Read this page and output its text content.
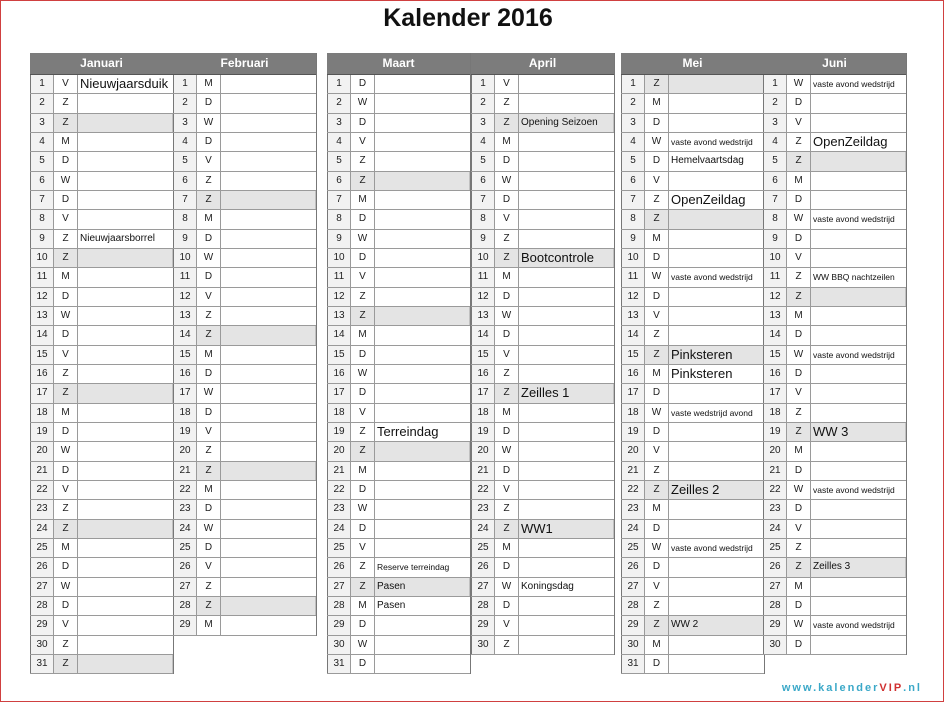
Kalender 2016
Januari
1	V Nieuwjaarsduik
2	Z
3	Z
4	M
5	D
6	W
7	D
8	V
9	Z	Nieuwjaarsborrel
10	Z
11	M
12	D
13	W
14	D
15	V
16	Z
17	Z
18	M
19	D
20	W
21	D
22	V
23	Z
24	Z
25	M
26	D
27	W
28	D
29	V
30	Z
31	Z
Februari
1	M
2	D
3	W
4	D
5	V
6	Z
7	Z
8	M
9	D
10	W
11	D
12	V
13	Z
14	Z
15	M
16	D
17	W
18	D
19	V
20	Z
21	Z
22	M
23	D
24	W
25	D
26	V
27	Z
28	Z
29	M
Maart
1	D
2	W
3	D
4	V
5	Z
6	Z
7	M
8	D
9	W
10	D
11	V
12	Z
13	Z
14	M
15	D
16	W
17	D
18	V
19	Z Terreindag
20	Z
21	M
22	D
23	W
24	D
25	V
26	Z	Reserve terreindag
27	Z	Pasen
28	M	Pasen
29	D
30	W
31	D
April
1	V
2	Z
3	Z	Opening Seizoen
4	M
5	D
6	W
7	D
8	V
9	Z
10	Z Bootcontrole
11	M
12	D
13	W
14	D
15	V
16	Z
17	Z Zeilles 1
18	M
19	D
20	W
21	D
22	V
23	Z
24	Z WW1
25	M
26	D
27	W Koningsdag
28	D
29	V
30	Z
Mei
1	Z
2	M
3	D
4	W	vaste avond wedstrijd
5	D	Hemelvaartsdag
6	V
7	Z OpenZeildag
8	Z
9	M
10	D
11	W	vaste avond wedstrijd
12	D
13	V
14	Z
15	Z Pinksteren
16	M Pinksteren
17	D
18	W	vaste wedstrijd avond
19	D
20	V
21	Z
22	Z Zeilles 2
23	M
24	D
25	W	vaste avond wedstrijd
26	D
27	V
28	Z
29	Z	WW 2
30	M
31	D
Juni
1	W	vaste avond wedstrijd
2	D
3	V
4	Z OpenZeildag
5	Z
6	M
7	D
8	W	vaste avond wedstrijd
9	D
10	V
11	Z	WW BBQ nachtzeilen
12	Z
13	M
14	D
15	W	vaste avond wedstrijd
16	D
17	V
18	Z
19	Z WW 3
20	M
21	D
22	W	vaste avond wedstrijd
23	D
24	V
25	Z
26	Z	Zeilles 3
27	M
28	D
29	W	vaste avond wedstrijd
30	D
www.kalenderVIP.nl
